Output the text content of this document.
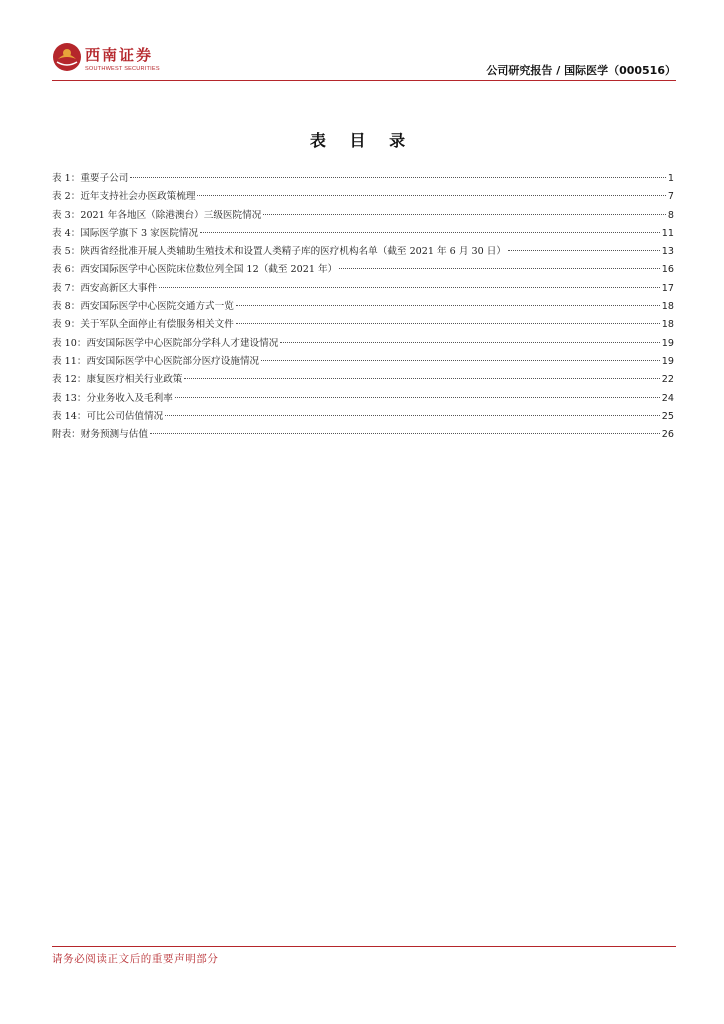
西南证券
SOUTHWEST SECURITIES	公司研究报告 / 国际医学（000516）
表 目 录
表 1：重要子公司	1
表 2：近年支持社会办医政策梳理	7
表 3：2021 年各地区（除港澳台）三级医院情况	8
表 4：国际医学旗下 3 家医院情况	11
表 5：陕西省经批准开展人类辅助生殖技术和设置人类精子库的医疗机构名单（截至 2021 年 6 月 30 日）	13
表 6：西安国际医学中心医院床位数位列全国 12（截至 2021 年）	16
表 7：西安高新区大事件	17
表 8：西安国际医学中心医院交通方式一览	18
表 9：关于军队全面停止有偿服务相关文件	18
表 10：西安国际医学中心医院部分学科人才建设情况	19
表 11：西安国际医学中心医院部分医疗设施情况	19
表 12：康复医疗相关行业政策	22
表 13：分业务收入及毛利率	24
表 14：可比公司估值情况	25
附表：财务预测与估值	26
请务必阅读正文后的重要声明部分
